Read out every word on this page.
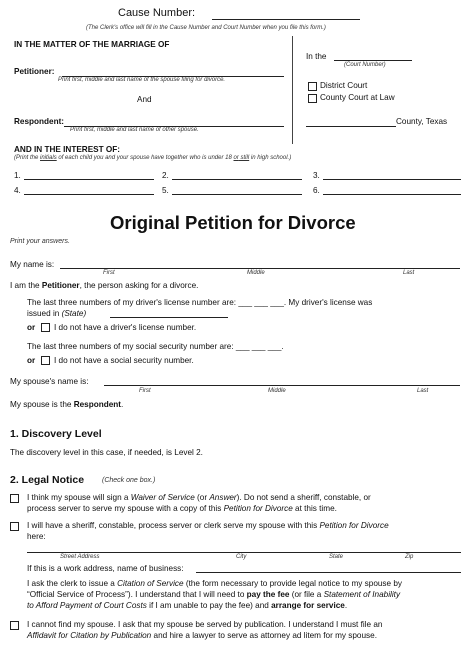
Cause Number:
(The Clerk's office will fill in the Cause Number and Court Number when you file this form.)
IN THE MATTER OF THE MARRIAGE OF
Petitioner:
Print first, middle and last name of the spouse filing for divorce.
And
Respondent:
Print first, middle and last name of other spouse.
In the
(Court Number)
District Court
County Court at Law
County, Texas
AND IN THE INTEREST OF:
(Print the initials of each child you and your spouse have together who is under 18 or still in high school.)
1.	2.	3.
4.	5.	6.
Original Petition for Divorce
Print your answers.
My name is:
First	Middle	Last
I am the Petitioner, the person asking for a divorce.
The last three numbers of my driver's license number are: ___ ___ ___. My driver's license was
issued in (State)
or I do not have a driver's license number.
The last three numbers of my social security number are: ___ ___ ___.
or I do not have a social security number.
My spouse's name is:
First	Middle	Last
My spouse is the Respondent.
1. Discovery Level
The discovery level in this case, if needed, is Level 2.
2. Legal Notice	(Check one box.)
I think my spouse will sign a Waiver of Service (or Answer). Do not send a sheriff, constable, or
process server to serve my spouse with a copy of this Petition for Divorce at this time.
I will have a sheriff, constable, process server or clerk serve my spouse with this Petition for Divorce
here:
Street Address	City	State	Zip
If this is a work address, name of business:
I ask the clerk to issue a Citation of Service (the form necessary to provide legal notice to my spouse by
“Official Service of Process”). I understand that I will need to pay the fee (or file a Statement of Inability
to Afford Payment of Court Costs if I am unable to pay the fee) and arrange for service.
I cannot find my spouse. I ask that my spouse be served by publication. I understand I must file an
Affidavit for Citation by Publication and hire a lawyer to serve as attorney ad litem for my spouse.
